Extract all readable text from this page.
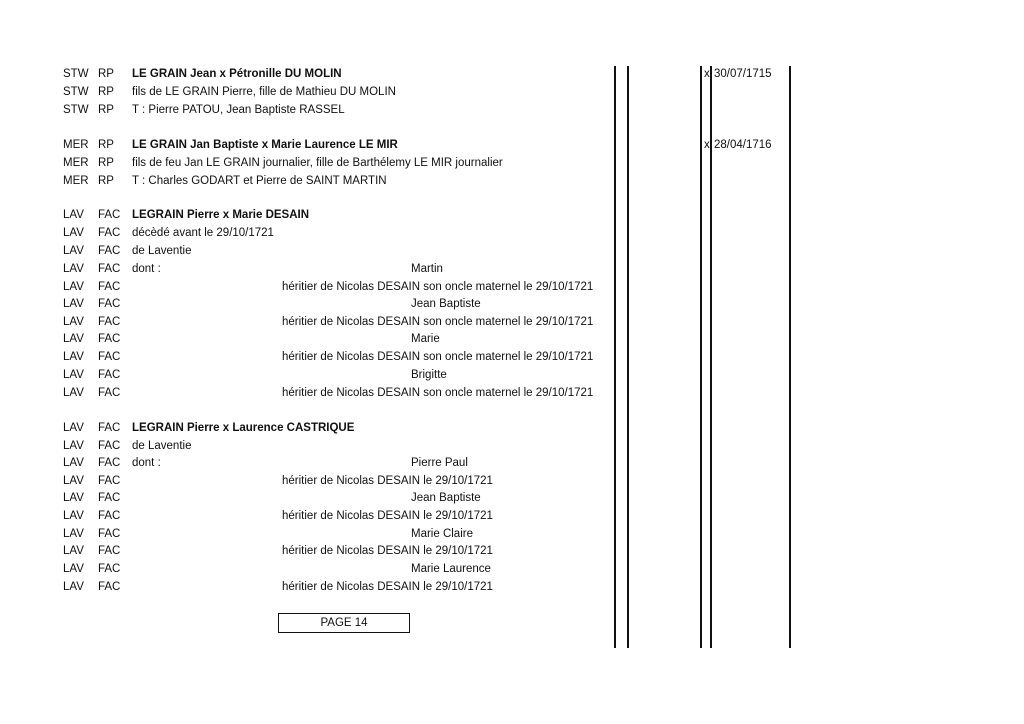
STW RP LE GRAIN Jean x Pétronille DU MOLIN	x 30/07/1715
STW RP fils de LE GRAIN Pierre, fille de Mathieu DU MOLIN
STW RP T : Pierre PATOU, Jean Baptiste RASSEL
MER RP LE GRAIN Jan Baptiste x Marie Laurence LE MIR	x 28/04/1716
MER RP fils de feu Jan LE GRAIN journalier, fille de Barthélemy LE MIR journalier
MER RP T : Charles GODART et Pierre de SAINT MARTIN
LAV FAC LEGRAIN Pierre x Marie DESAIN
LAV FAC décèdé avant le 29/10/1721
LAV FAC de Laventie
LAV FAC dont :	Martin
LAV FAC	héritier de Nicolas DESAIN son oncle maternel le 29/10/1721
LAV FAC	Jean Baptiste
LAV FAC	héritier de Nicolas DESAIN son oncle maternel le 29/10/1721
LAV FAC	Marie
LAV FAC	héritier de Nicolas DESAIN son oncle maternel le 29/10/1721
LAV FAC	Brigitte
LAV FAC	héritier de Nicolas DESAIN son oncle maternel le 29/10/1721
LAV FAC LEGRAIN Pierre x Laurence CASTRIQUE
LAV FAC de Laventie
LAV FAC dont :	Pierre Paul
LAV FAC	héritier de Nicolas DESAIN le 29/10/1721
LAV FAC	Jean Baptiste
LAV FAC	héritier de Nicolas DESAIN le 29/10/1721
LAV FAC	Marie Claire
LAV FAC	héritier de Nicolas DESAIN le 29/10/1721
LAV FAC	Marie Laurence
LAV FAC	héritier de Nicolas DESAIN le 29/10/1721
PAGE 14
